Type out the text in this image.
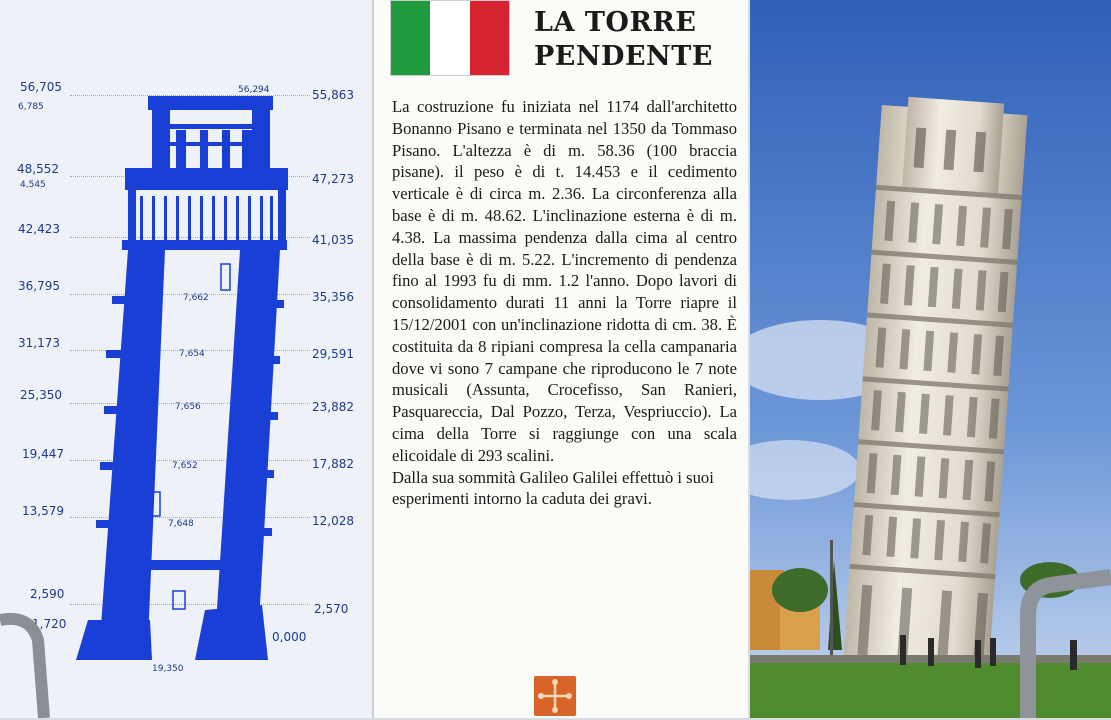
56,705
6,785
48,552
4,545
42,423
36,795
31,173
25,350
19,447
13,579
2,590
1,720
55,863
47,273
41,035
35,356
29,591
23,882
17,882
12,028
2,570
0,000
56,294
7,662
7,654
7,656
7,652
7,648
19,350
LA TORRE
PENDENTE

La costruzione fu iniziata nel 1174 dall'architetto Bonanno Pisano e terminata nel 1350 da Tommaso Pisano. L'altezza è di m. 58.36 (100 braccia pisane). il peso è di t. 14.453 e il cedimento verticale è di circa m. 2.36. La circonferenza alla base è di m. 48.62. L'inclinazione esterna è di m. 4.38. La massima pendenza dalla cima al centro della base è di m. 5.22. L'incremento di pendenza fino al 1993 fu di mm. 1.2 l'anno. Dopo lavori di consolidamento durati 11 anni la Torre riapre il 15/12/2001 con un'inclinazione ridotta di cm. 38. È costituita da 8 ripiani compresa la cella campanaria dove vi sono 7 campane che riproducono le 7 note musicali (Assunta, Crocefisso, San Ranieri, Pasquareccia, Dal Pozzo, Terza, Vespriuccio). La cima della Torre si raggiunge con una scala elicoidale di 293 scalini.

Dalla sua sommità Galileo Galilei effettuò i suoi esperimenti intorno la caduta dei gravi.
